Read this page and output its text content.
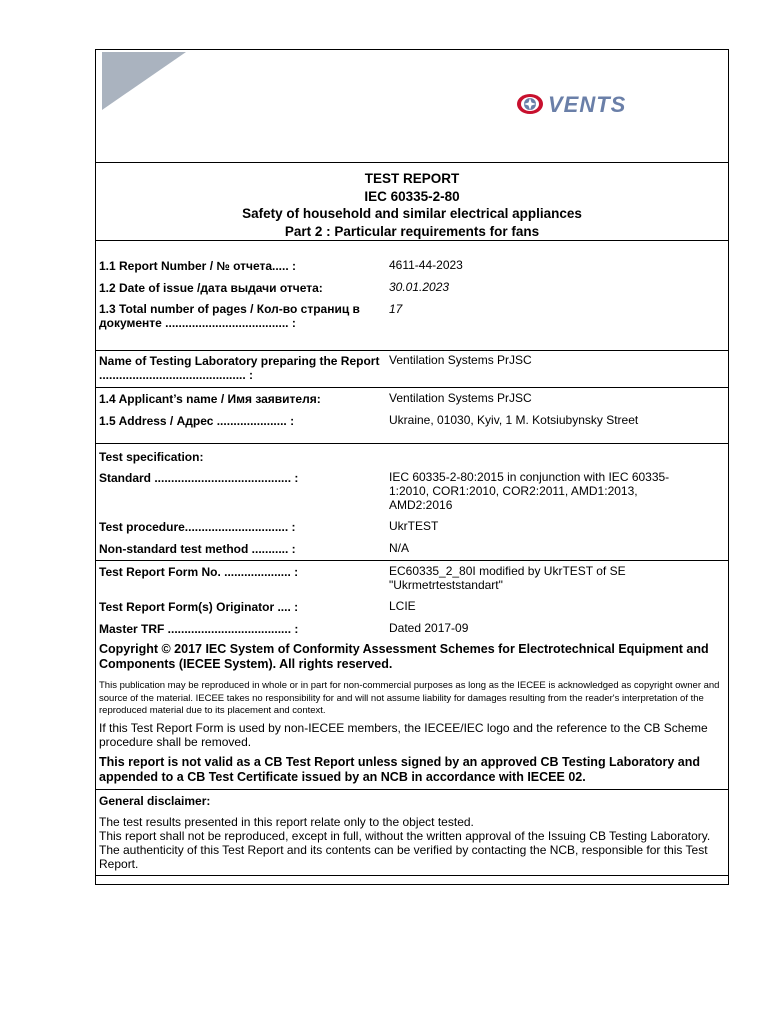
VENTS
TEST REPORT
IEC 60335-2-80
Safety of household and similar electrical appliances
Part 2 : Particular requirements for fans
1.1 Report Number / № отчета..... :	4611-44-2023
1.2 Date of issue /дата выдачи отчета:	30.01.2023
1.3 Total number of pages / Кол-во страниц в документе ..................................... :
17
Name of Testing Laboratory preparing the Report ............................................ :
Ventilation Systems PrJSC
1.4 Applicant’s name / Имя заявителя:	Ventilation Systems PrJSC
1.5 Address / Адрес ..................... :	Ukraine, 01030, Kyiv, 1 M. Kotsiubynsky Street
Test specification:
Standard ......................................... :	IEC 60335-2-80:2015 in conjunction with IEC 60335-1:2010, COR1:2010, COR2:2011, AMD1:2013, AMD2:2016
Test procedure............................... :	UkrTEST
Non-standard test method ........... :	N/A
Test Report Form No. .................... :	EC60335_2_80I modified by UkrTEST of SE "Ukrmetrteststandart"
Test Report Form(s) Originator .... :	LCIE
Master TRF ..................................... :	Dated 2017-09
Copyright © 2017 IEC System of Conformity Assessment Schemes for Electrotechnical Equipment and Components (IECEE System). All rights reserved.
This publication may be reproduced in whole or in part for non-commercial purposes as long as the IECEE is acknowledged as copyright owner and source of the material. IECEE takes no responsibility for and will not assume liability for damages resulting from the reader's interpretation of the reproduced material due to its placement and context.
If this Test Report Form is used by non-IECEE members, the IECEE/IEC logo and the reference to the CB Scheme procedure shall be removed.
This report is not valid as a CB Test Report unless signed by an approved CB Testing Laboratory and appended to a CB Test Certificate issued by an NCB in accordance with IECEE 02.
General disclaimer:
The test results presented in this report relate only to the object tested.
This report shall not be reproduced, except in full, without the written approval of the Issuing CB Testing Laboratory. The authenticity of this Test Report and its contents can be verified by contacting the NCB, responsible for this Test Report.
